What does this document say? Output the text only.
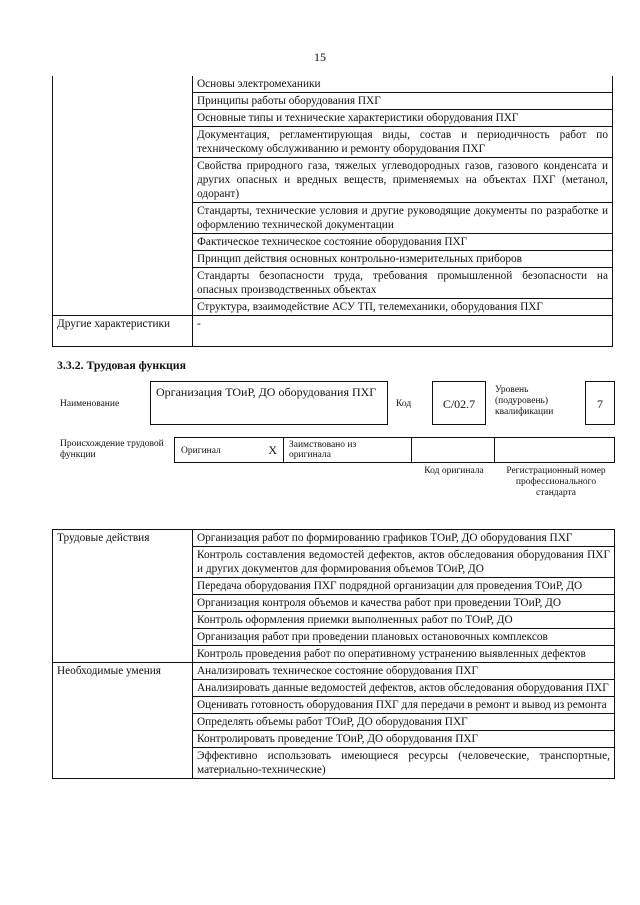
15
	Основы электромеханики
	Принципы работы оборудования ПХГ
	Основные типы и технические характеристики оборудования ПХГ
	Документация, регламентирующая виды, состав и периодичность работ по техническому обслуживанию и ремонту оборудования ПХГ
	Свойства природного газа, тяжелых углеводородных газов, газового конденсата и других опасных и вредных веществ, применяемых на объектах ПХГ (метанол, одорант)
	Стандарты, технические условия и другие руководящие документы по разработке и оформлению технической документации
	Фактическое техническое состояние оборудования ПХГ
	Принцип действия основных контрольно-измерительных приборов
	Стандарты безопасности труда, требования промышленной безопасности на опасных производственных объектах
	Структура, взаимодействие АСУ ТП, телемеханики, оборудования ПХГ
Другие характеристики	-
3.3.2. Трудовая функция
Наименование
Организация ТОиР, ДО оборудования ПХГ
Код	C/02.7
Уровень (подуровень) квалификации
7
Происхождение трудовой функции	Оригинал	X Заимствовано из оригинала
Код оригинала	Регистрационный номер профессионального стандарта
Трудовые действия	Организация работ по формированию графиков ТОиР, ДО оборудования ПХГ
	Контроль составления ведомостей дефектов, актов обследования оборудования ПХГ и других документов для формирования объемов ТОиР, ДО
	Передача оборудования ПХГ подрядной организации для проведения ТОиР, ДО
	Организация контроля объемов и качества работ при проведении ТОиР, ДО
	Контроль оформления приемки выполненных работ по ТОиР, ДО
	Организация работ при проведении плановых остановочных комплексов
	Контроль проведения работ по оперативному устранению выявленных дефектов
Необходимые умения	Анализировать техническое состояние оборудования ПХГ
	Анализировать данные ведомостей дефектов, актов обследования оборудования ПХГ
	Оценивать готовность оборудования ПХГ для передачи в ремонт и вывод из ремонта
	Определять объемы работ ТОиР, ДО оборудования ПХГ
	Контролировать проведение ТОиР, ДО оборудования ПХГ
	Эффективно использовать имеющиеся ресурсы (человеческие, транспортные, материально-технические)
